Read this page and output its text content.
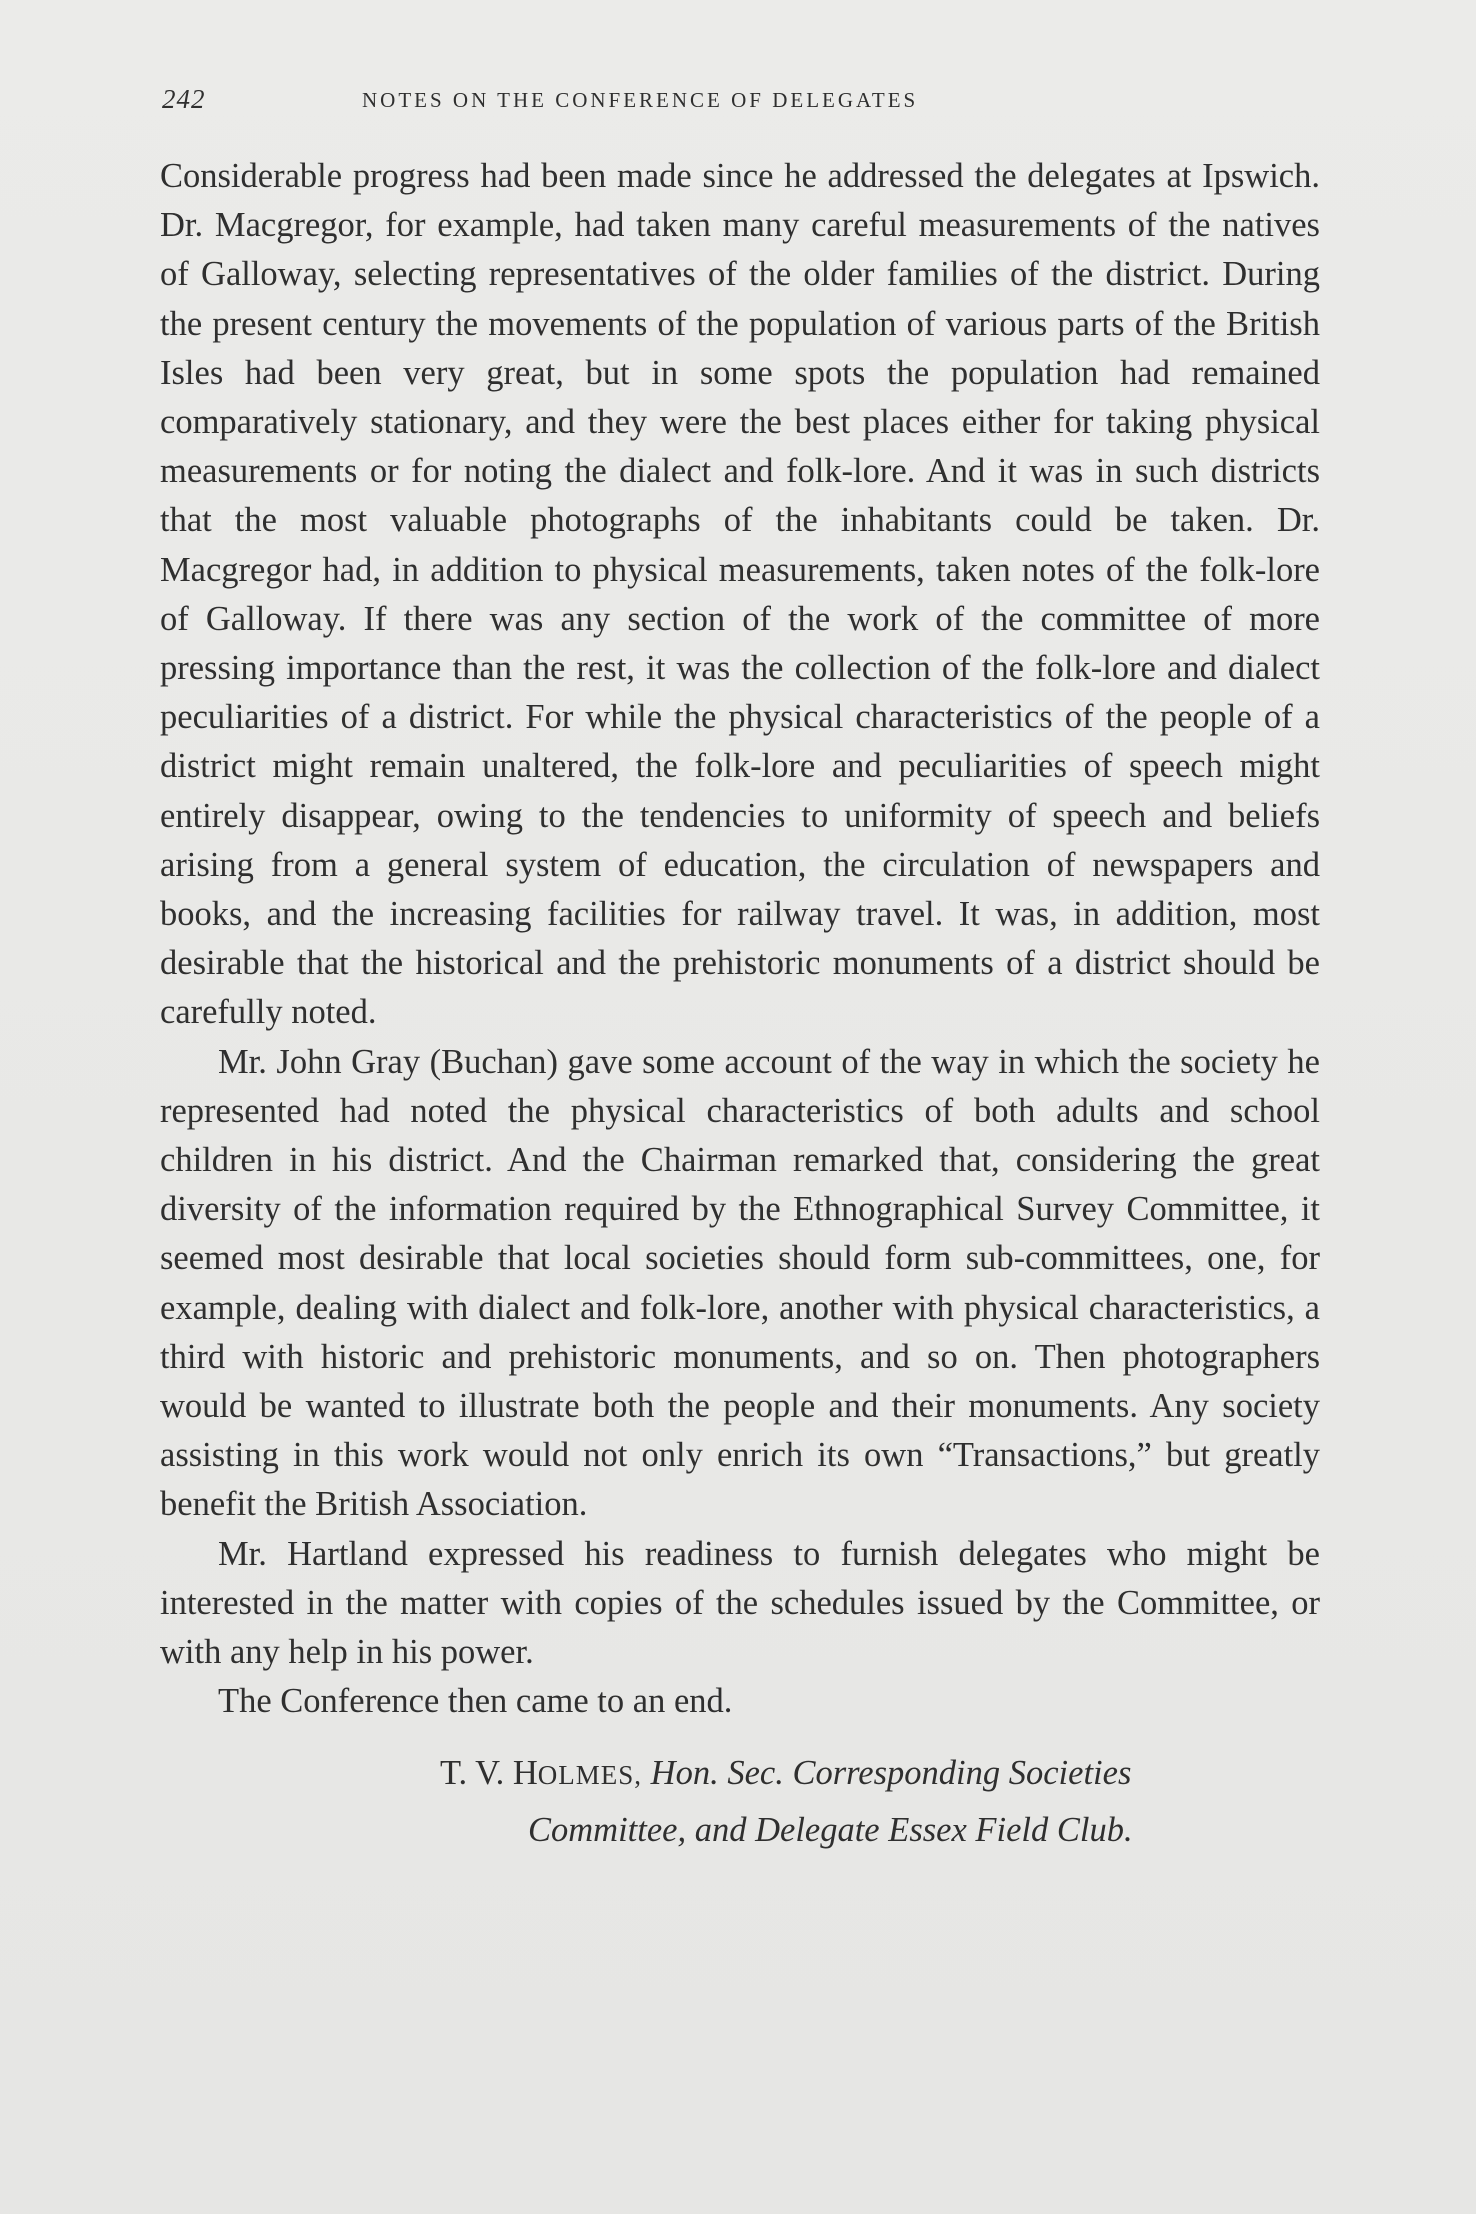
242	NOTES ON THE CONFERENCE OF DELEGATES

Considerable progress had been made since he addressed the delegates at Ipswich. Dr. Macgregor, for example, had taken many careful measurements of the natives of Galloway, selecting representatives of the older families of the district. During the present century the movements of the population of various parts of the British Isles had been very great, but in some spots the population had remained comparatively stationary, and they were the best places either for taking physical measurements or for noting the dialect and folk-lore. And it was in such districts that the most valuable photographs of the inhabitants could be taken. Dr. Macgregor had, in addition to physical measurements, taken notes of the folk-lore of Galloway. If there was any section of the work of the committee of more pressing importance than the rest, it was the collection of the folk-lore and dialect peculiarities of a district. For while the physical characteristics of the people of a district might remain unaltered, the folk-lore and peculiarities of speech might entirely disappear, owing to the tendencies to uniformity of speech and beliefs arising from a general system of education, the circulation of newspapers and books, and the increasing facilities for railway travel. It was, in addition, most desirable that the historical and the prehistoric monuments of a district should be carefully noted.

Mr. John Gray (Buchan) gave some account of the way in which the society he represented had noted the physical characteristics of both adults and school children in his district. And the Chairman remarked that, considering the great diversity of the information required by the Ethnographical Survey Committee, it seemed most desirable that local societies should form sub-committees, one, for example, dealing with dialect and folk-lore, another with physical characteristics, a third with historic and prehistoric monuments, and so on. Then photographers would be wanted to illustrate both the people and their monuments. Any society assisting in this work would not only enrich its own “Transactions,” but greatly benefit the British Association.

Mr. Hartland expressed his readiness to furnish delegates who might be interested in the matter with copies of the schedules issued by the Committee, or with any help in his power.

The Conference then came to an end.

T. V. HOLMES, Hon. Sec. Corresponding Societies
Committee, and Delegate Essex Field Club.
